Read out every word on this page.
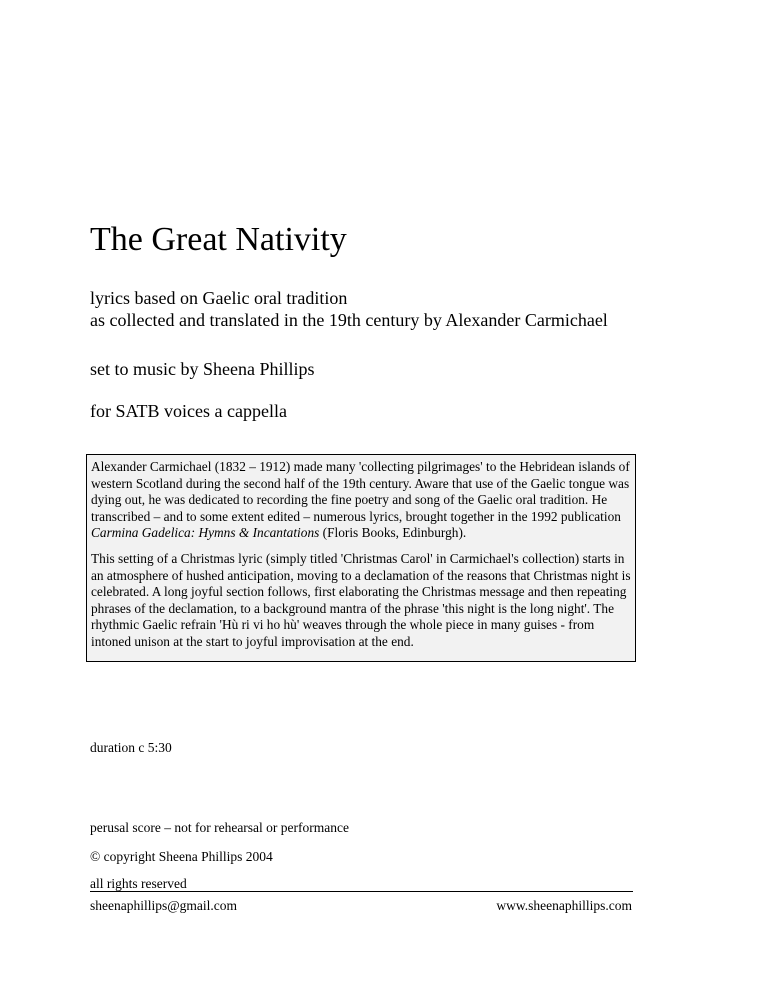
The Great Nativity
lyrics based on Gaelic oral tradition
as collected and translated in the 19th century by Alexander Carmichael
set to music by Sheena Phillips
for SATB voices a cappella

Alexander Carmichael (1832 – 1912) made many 'collecting pilgrimages' to the Hebridean islands of western Scotland during the second half of the 19th century. Aware that use of the Gaelic tongue was dying out, he was dedicated to recording the fine poetry and song of the Gaelic oral tradition. He transcribed – and to some extent edited – numerous lyrics, brought together in the 1992 publication Carmina Gadelica: Hymns & Incantations (Floris Books, Edinburgh).

This setting of a Christmas lyric (simply titled 'Christmas Carol' in Carmichael's collection) starts in an atmosphere of hushed anticipation, moving to a declamation of the reasons that Christmas night is celebrated. A long joyful section follows, first elaborating the Christmas message and then repeating phrases of the declamation, to a background mantra of the phrase 'this night is the long night'. The rhythmic Gaelic refrain 'Hù ri vi ho hù' weaves through the whole piece in many guises - from intoned unison at the start to joyful improvisation at the end.

duration c 5:30
perusal score – not for rehearsal or performance
© copyright Sheena Phillips 2004
all rights reserved
sheenaphillips@gmail.com	www.sheenaphillips.com
